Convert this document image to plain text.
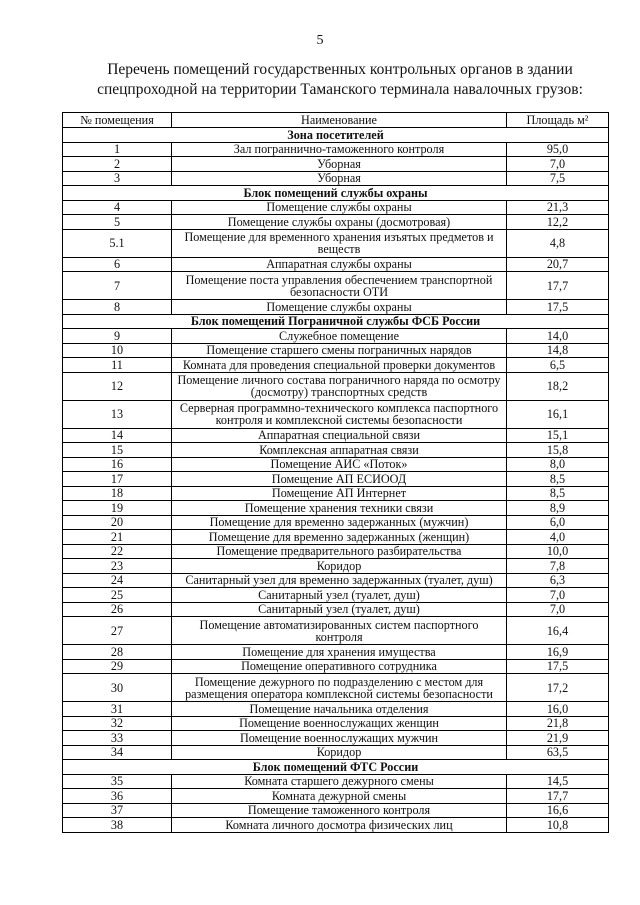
5
Перечень помещений государственных контрольных органов в здании
спецпроходной на территории Таманского терминала навалочных грузов:
№ помещения	Наименование	Площадь м²
Зона посетителей		
1	Зал пограннично-таможенного контроля	95,0
2	Уборная	7,0
3	Уборная	7,5
Блок помещений службы охраны		
4	Помещение службы охраны	21,3
5	Помещение службы охраны (досмотровая)	12,2
5.1	Помещение для временного хранения изъятых предметов и веществ	4,8
6	Аппаратная службы охраны	20,7
7	Помещение поста управления обеспечением транспортной безопасности ОТИ	17,7
8	Помещение службы охраны	17,5
Блок помещений Пограничной службы ФСБ России		
9	Служебное помещение	14,0
10	Помещение старшего смены пограничных нарядов	14,8
11	Комната для проведения специальной проверки документов	6,5
12	Помещение личного состава пограничного наряда по осмотру (досмотру) транспортных средств	18,2
13	Серверная программно-технического комплекса паспортного контроля и комплексной системы безопасности	16,1
14	Аппаратная специальной связи	15,1
15	Комплексная аппаратная связи	15,8
16	Помещение АИС «Поток»	8,0
17	Помещение АП ЕСИООД	8,5
18	Помещение АП Интернет	8,5
19	Помещение хранения техники связи	8,9
20	Помещение для временно задержанных (мужчин)	6,0
21	Помещение для временно задержанных (женщин)	4,0
22	Помещение предварительного разбирательства	10,0
23	Коридор	7,8
24	Санитарный узел для временно задержанных (туалет, душ)	6,3
25	Санитарный узел (туалет, душ)	7,0
26	Санитарный узел (туалет, душ)	7,0
27	Помещение автоматизированных систем паспортного контроля	16,4
28	Помещение для хранения имущества	16,9
29	Помещение оперативного сотрудника	17,5
30	Помещение дежурного по подразделению с местом для размещения оператора комплексной системы безопасности	17,2
31	Помещение начальника отделения	16,0
32	Помещение военнослужащих женщин	21,8
33	Помещение военнослужащих мужчин	21,9
34	Коридор	63,5
Блок помещений ФТС России		
35	Комната старшего дежурного смены	14,5
36	Комната дежурной смены	17,7
37	Помещение таможенного контроля	16,6
38	Комната личного досмотра физических лиц	10,8
